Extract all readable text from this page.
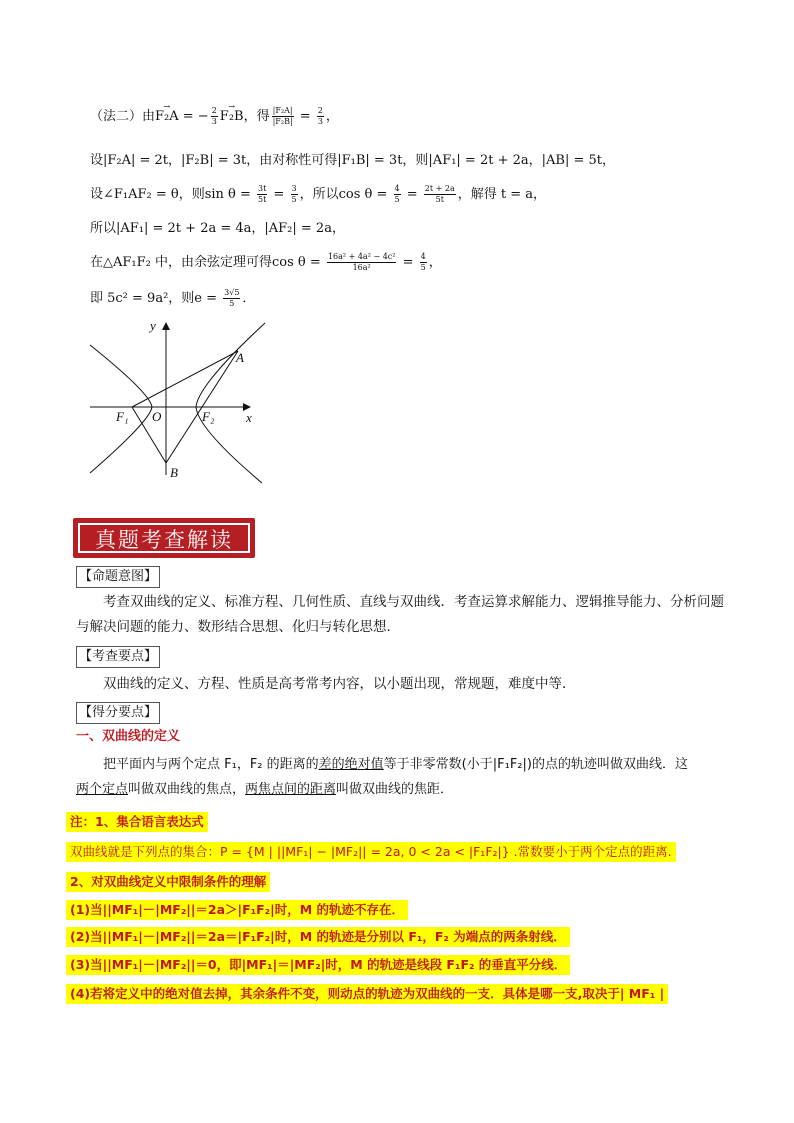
（法二）由→ F₂A = − $\frac{2}{3}$
→ F₂B，得 $\frac{\text{|F₂A|}}{\text{|F₂B|}} = \frac{2}{3}$ ，
设|F₂A| = 2t，|F₂B| = 3t，由对称性可得|F₁B| = 3t，则|AF₁| = 2t + 2a，|AB| = 5t，
设∠F₁AF₂ = θ，则$\sin \theta = \frac{3t}{5t} = \frac{3}{5}$ ，所以$\cos \theta = \frac{4}{5} = \frac{2t + 2a}{5t}$ ，解得 t = a，
所以|AF₁| = 2t + 2a = 4a，|AF₂| = 2a，
在△AF₁F₂ 中，由余弦定理可得$\cos \theta = \frac{\text{16a² + 4a² − 4c²}}{\text{16a²}} = \frac{4}{5}$ ，
即 5c² = 9a²，则$e = \frac{3√5}{5}$ ．
y
x
O
F₁	F₂
A
B
真题考查解读
【命题意图】
考查双曲线的定义、标准方程、几何性质、直线与双曲线．考查运算求解能力、逻辑推导能力、分析问题与解决问题的能力、数形结合思想、化归与转化思想．
【考查要点】
双曲线的定义、方程、性质是高考常考内容，以小题出现，常规题，难度中等．
【得分要点】
一、双曲线的定义
把平面内与两个定点 F₁，F₂ 的距离的差的绝对值等于非零常数(小于|F₁F₂|)的点的轨迹叫做双曲线．这
两个定点叫做双曲线的焦点，两焦点间的距离叫做双曲线的焦距．
注：1、集合语言表达式
双曲线就是下列点的集合：P = {M | ||MF₁| − |MF₂|| = 2a, 0 < 2a < |F₁F₂|} .常数要小于两个定点的距离.
2、对双曲线定义中限制条件的理解
(1)当||MF₁|－|MF₂||＝2a＞|F₁F₂|时，M 的轨迹不存在．
(2)当||MF₁|－|MF₂||＝2a＝|F₁F₂|时，M 的轨迹是分别以 F₁，F₂ 为端点的两条射线．
(3)当||MF₁|－|MF₂||＝0，即|MF₁|＝|MF₂|时，M 的轨迹是线段 F₁F₂ 的垂直平分线．
(4)若将定义中的绝对值去掉，其余条件不变，则动点的轨迹为双曲线的一支．具体是哪一支,取决于| MF₁ |
